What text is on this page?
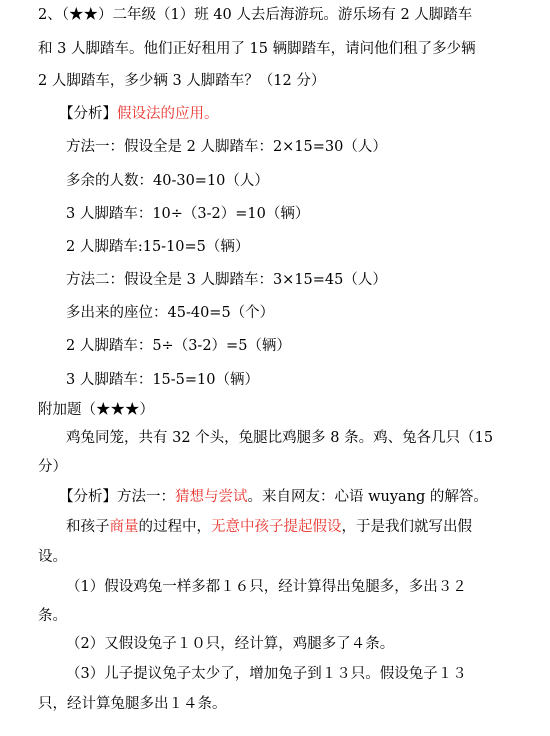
2、（★★）二年级（1）班 40 人去后海游玩。游乐场有 2 人脚踏车
和 3 人脚踏车。他们正好租用了 15 辆脚踏车，请问他们租了多少辆
2 人脚踏车，多少辆 3 人脚踏车？（12 分）
【分析】假设法的应用。
方法一：假设全是 2 人脚踏车：2×15=30（人）
多余的人数：40-30=10（人）
3 人脚踏车：10÷（3-2）=10（辆）
2 人脚踏车:15-10=5（辆）
方法二：假设全是 3 人脚踏车：3×15=45（人）
多出来的座位：45-40=5（个）
2 人脚踏车：5÷（3-2）=5（辆）
3 人脚踏车：15-5=10（辆）
附加题（★★★）
鸡兔同笼，共有 32 个头，兔腿比鸡腿多 8 条。鸡、兔各几只（15
分）
【分析】方法一：猜想与尝试。来自网友：心语 wuyang 的解答。
和孩子商量的过程中，无意中孩子提起假设，于是我们就写出假
设。
（1）假设鸡兔一样多都１６只，经计算得出兔腿多，多出３２
条。
（2）又假设兔子１０只，经计算，鸡腿多了４条。
（3）儿子提议兔子太少了，增加兔子到１３只。假设兔子１３
只，经计算兔腿多出１４条。
